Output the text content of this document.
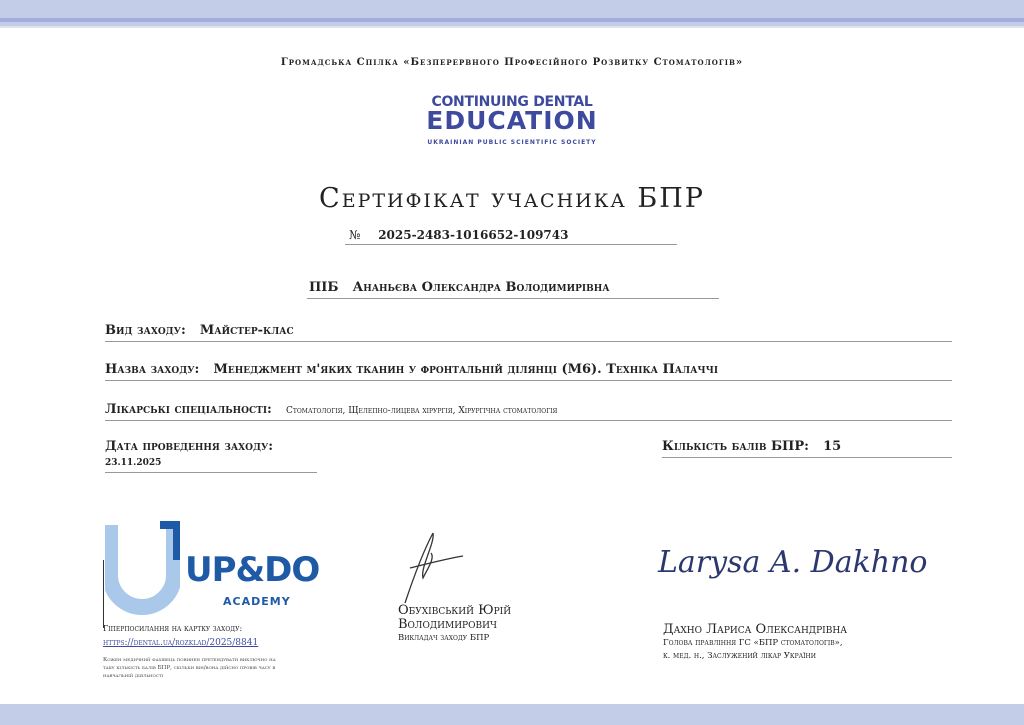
Громадська Спілка «Безперервного Професійного Розвитку Стоматологів»
CONTINUING DENTAL
EDUCATION
UKRAINIAN PUBLIC SCIENTIFIC SOCIETY
Сертифікат учасника БПР
№ 2025-2483-1016652-109743
ПІБ Ананьєва Олександра Володимирівна
Вид заходу: Майстер-клас
Назва заходу: Менеджмент м'яких тканин у фронтальній ділянці (М6). Техніка Палаччі
Лікарські спеціальності: Стоматологія, Щелепно-лицева хірургія, Хірургічна стоматологія
Дата проведення заходу: 23.11.2025
Кількість балів БПР: 15
UP&DO
ACADEMY
Гіперпосилання на картку заходу:
https://dental.ua/rozklad/2025/8841
Кожен медичний фахівець повинен претендувати виключно на таку кількість балів БПР, скільки він/вона дійсно провів часу в навчальній діяльності
Обухівський Юрій
Володимирович
Викладач заходу БПР
Larysa A. Dakhno
Дахно Лариса Олександрівна
Голова правління ГС «БПР стоматологів»,
к. мед. н., Заслужений лікар України
